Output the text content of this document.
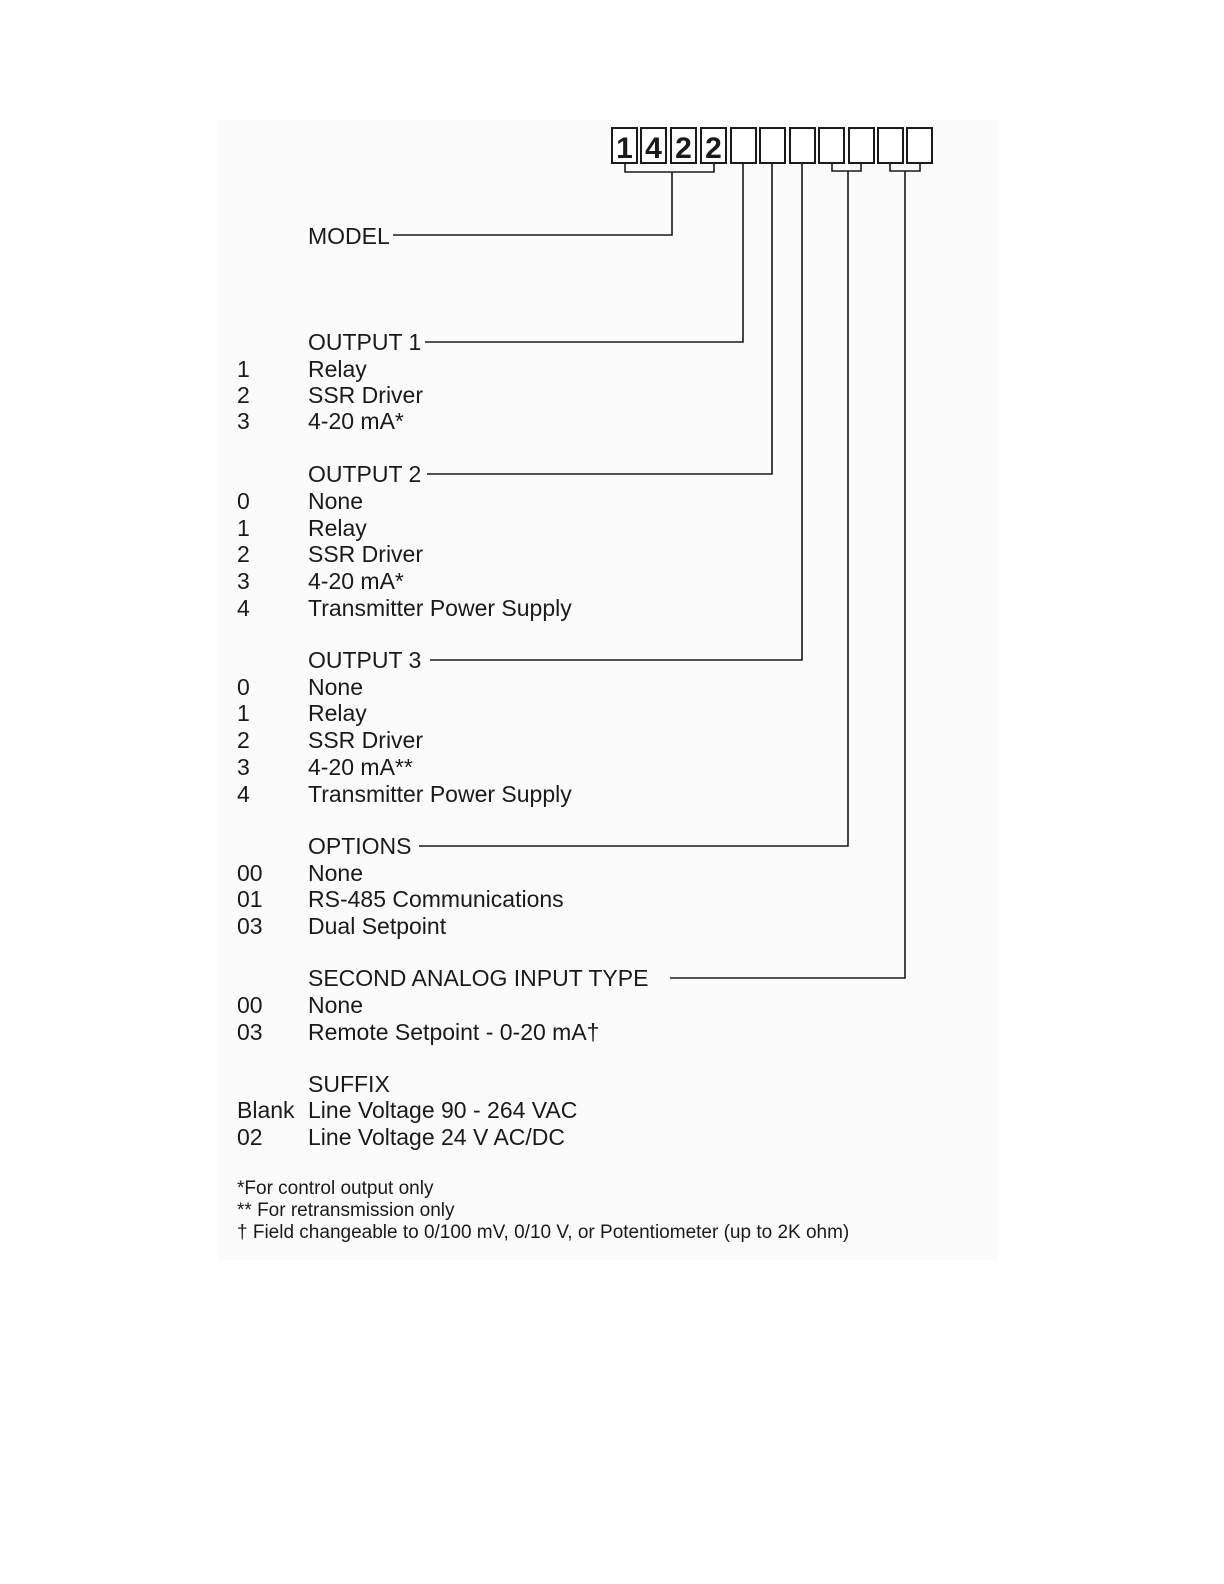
1 4 2 2
MODEL
OUTPUT 1
1	Relay
2	SSR Driver
3	4-20 mA*
OUTPUT 2
0	None
1	Relay
2	SSR Driver
3	4-20 mA*
4	Transmitter Power Supply
OUTPUT 3
0	None
1	Relay
2	SSR Driver
3	4-20 mA**
4	Transmitter Power Supply
OPTIONS
00 None
01 RS-485 Communications
03 Dual Setpoint
SECOND ANALOG INPUT TYPE
00 None
03 Remote Setpoint - 0-20 mA†
SUFFIX
Blank Line Voltage 90 - 264 VAC
02 Line Voltage 24 V AC/DC
*For control output only
** For retransmission only
† Field changeable to 0/100 mV, 0/10 V, or Potentiometer (up to 2K ohm)
